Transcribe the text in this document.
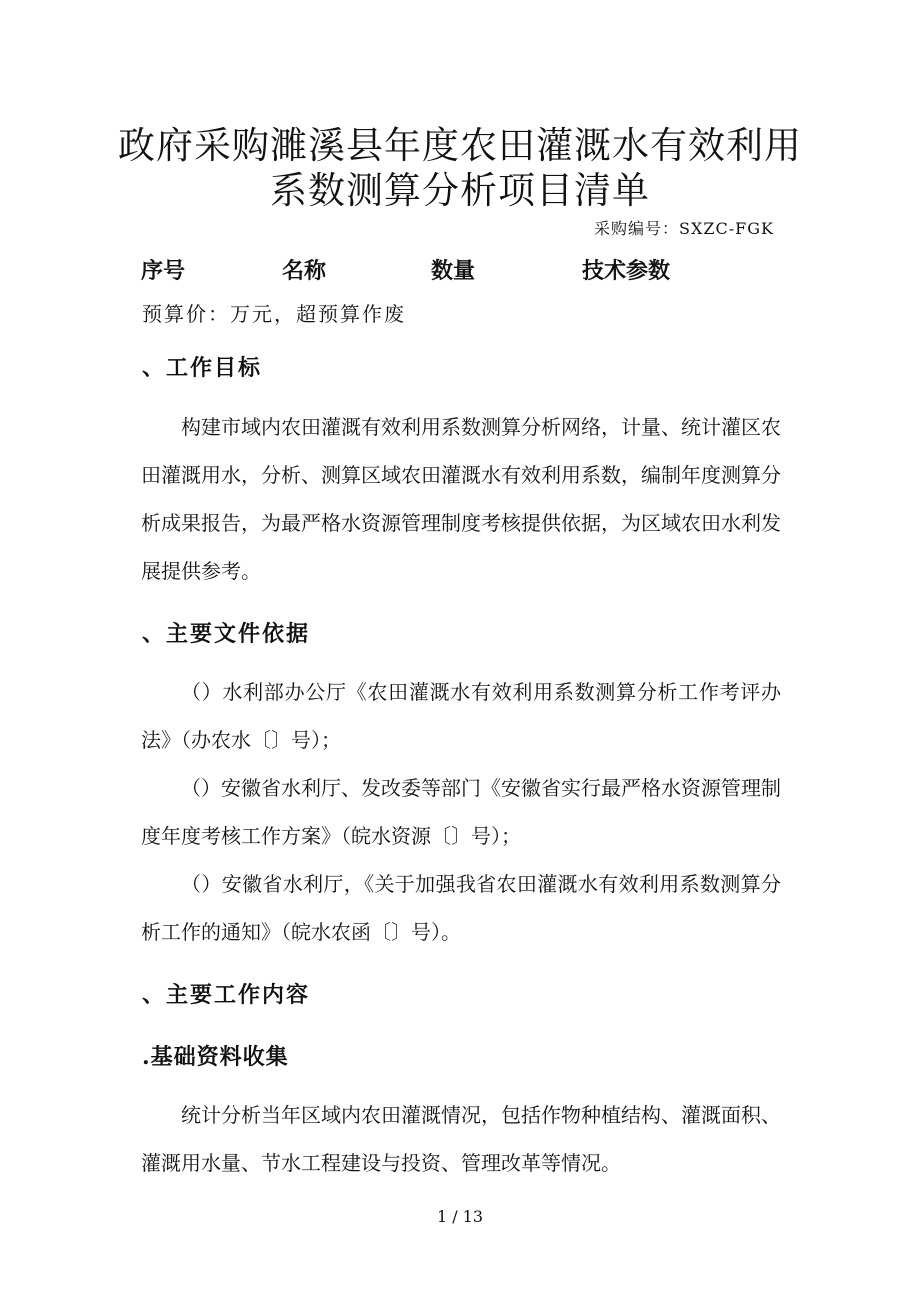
政府采购濉溪县年度农田灌溉水有效利用
系数测算分析项目清单
采购编号：SXZC-FGK
序号	名称	数量	技术参数
预算价：万元，超预算作废
、工作目标

构建市域内农田灌溉有效利用系数测算分析网络，计量、统计灌区农田灌溉用水，分析、测算区域农田灌溉水有效利用系数，编制年度测算分析成果报告，为最严格水资源管理制度考核提供依据，为区域农田水利发展提供参考。

、主要文件依据

（）水利部办公厅《农田灌溉水有效利用系数测算分析工作考评办法》（办农水〔〕号）；

（）安徽省水利厅、发改委等部门《安徽省实行最严格水资源管理制度年度考核工作方案》（皖水资源〔〕号）；

（）安徽省水利厅，《关于加强我省农田灌溉水有效利用系数测算分析工作的通知》（皖水农函〔〕号）。

、主要工作内容
.基础资料收集

统计分析当年区域内农田灌溉情况，包括作物种植结构、灌溉面积、灌溉用水量、节水工程建设与投资、管理改革等情况。

1 / 13
